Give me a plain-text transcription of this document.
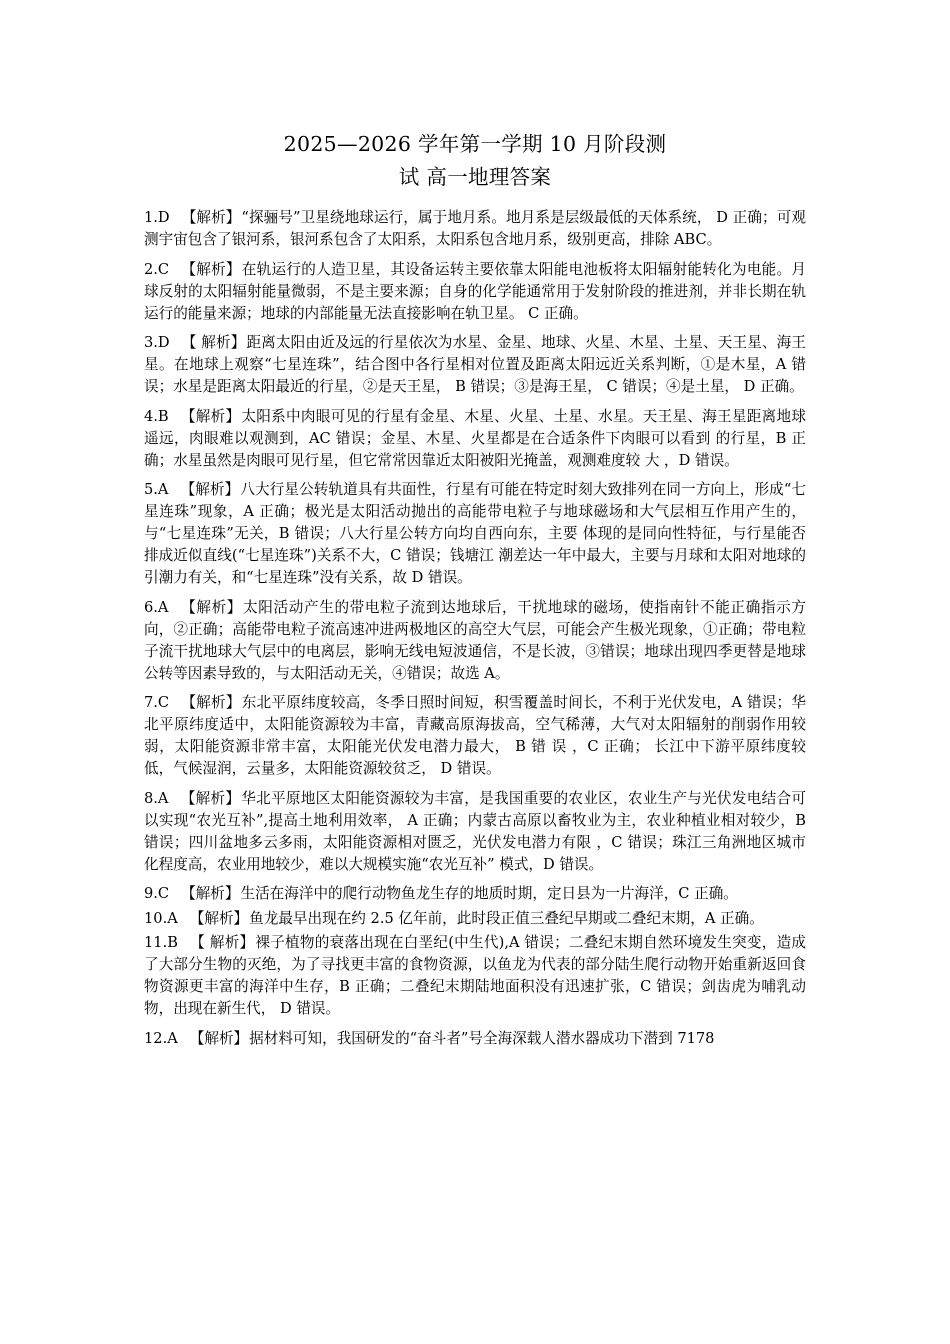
2025—2026 学年第一学期 10 月阶段测
试 高一地理答案

1.D 【解析】“探骊号”卫星绕地球运行，属于地月系。地月系是层级最低的天体系统， D 正确；可观测宇宙包含了银河系，银河系包含了太阳系，太阳系包含地月系，级别更高，排除 ABC。

2.C 【解析】在轨运行的人造卫星，其设备运转主要依靠太阳能电池板将太阳辐射能转化为电能。月球反射的太阳辐射能量微弱，不是主要来源；自身的化学能通常用于发射阶段的推进剂，并非长期在轨运行的能量来源；地球的内部能量无法直接影响在轨卫星。 C 正确。

3.D 【 解析】距离太阳由近及远的行星依次为水星、金星、地球、火星、木星、土星、天王星、海王星。在地球上观察“七星连珠”，结合图中各行星相对位置及距离太阳远近关系判断，①是木星，A 错误；水星是距离太阳最近的行星，②是天王星， B 错误；③是海王星， C 错误；④是土星， D 正确。

4.B 【解析】太阳系中肉眼可见的行星有金星、木星、火星、土星、水星。天王星、海王星距离地球遥远，肉眼难以观测到，AC 错误；金星、木星、火星都是在合适条件下肉眼可以看到 的行星，B 正确；水星虽然是肉眼可见行星，但它常常因靠近太阳被阳光掩盖，观测难度较 大 ，D 错误。

5.A 【解析】八大行星公转轨道具有共面性，行星有可能在特定时刻大致排列在同一方向上，形成“七星连珠”现象，A 正确；极光是太阳活动抛出的高能带电粒子与地球磁场和大气层相互作用产生的，与“七星连珠”无关，B 错误；八大行星公转方向均自西向东，主要 体现的是同向性特征，与行星能否排成近似直线(“七星连珠”)关系不大，C 错误；钱塘江 潮差达一年中最大，主要与月球和太阳对地球的引潮力有关，和“七星连珠”没有关系，故 D 错误。

6.A 【解析】太阳活动产生的带电粒子流到达地球后，干扰地球的磁场，使指南针不能正确指示方向，②正确；高能带电粒子流高速冲进两极地区的高空大气层，可能会产生极光现象，①正确；带电粒子流干扰地球大气层中的电离层，影响无线电短波通信，不是长波，③错误；地球出现四季更替是地球公转等因素导致的，与太阳活动无关，④错误；故选 A。

7.C 【解析】东北平原纬度较高，冬季日照时间短，积雪覆盖时间长，不利于光伏发电，A 错误；华北平原纬度适中，太阳能资源较为丰富，青藏高原海拔高，空气稀薄，大气对太阳辐射的削弱作用较弱，太阳能资源非常丰富，太阳能光伏发电潜力最大， B 错 误 ，C 正确； 长江中下游平原纬度较低，气候湿润，云量多，太阳能资源较贫乏， D 错误。

8.A 【解析】华北平原地区太阳能资源较为丰富，是我国重要的农业区，农业生产与光伏发电结合可以实现“农光互补”,提高土地利用效率， A 正确；内蒙古高原以畜牧业为主，农业种植业相对较少，B 错误；四川盆地多云多雨，太阳能资源相对匮乏，光伏发电潜力有限 ，C 错误；珠江三角洲地区城市化程度高，农业用地较少，难以大规模实施“农光互补” 模式，D 错误。

9.C 【解析】生活在海洋中的爬行动物鱼龙生存的地质时期，定日县为一片海洋，C 正确。

10.A 【解析】鱼龙最早出现在约 2.5 亿年前，此时段正值三叠纪早期或二叠纪末期，A 正确。

11.B 【 解析】裸子植物的衰落出现在白垩纪(中生代),A 错误；二叠纪末期自然环境发生突变，造成了大部分生物的灭绝，为了寻找更丰富的食物资源，以鱼龙为代表的部分陆生爬行动物开始重新返回食物资源更丰富的海洋中生存，B 正确；二叠纪末期陆地面积没有迅速扩张，C 错误；剑齿虎为哺乳动物，出现在新生代， D 错误。

12.A 【解析】据材料可知，我国研发的“奋斗者”号全海深载人潜水器成功下潜到 7178
